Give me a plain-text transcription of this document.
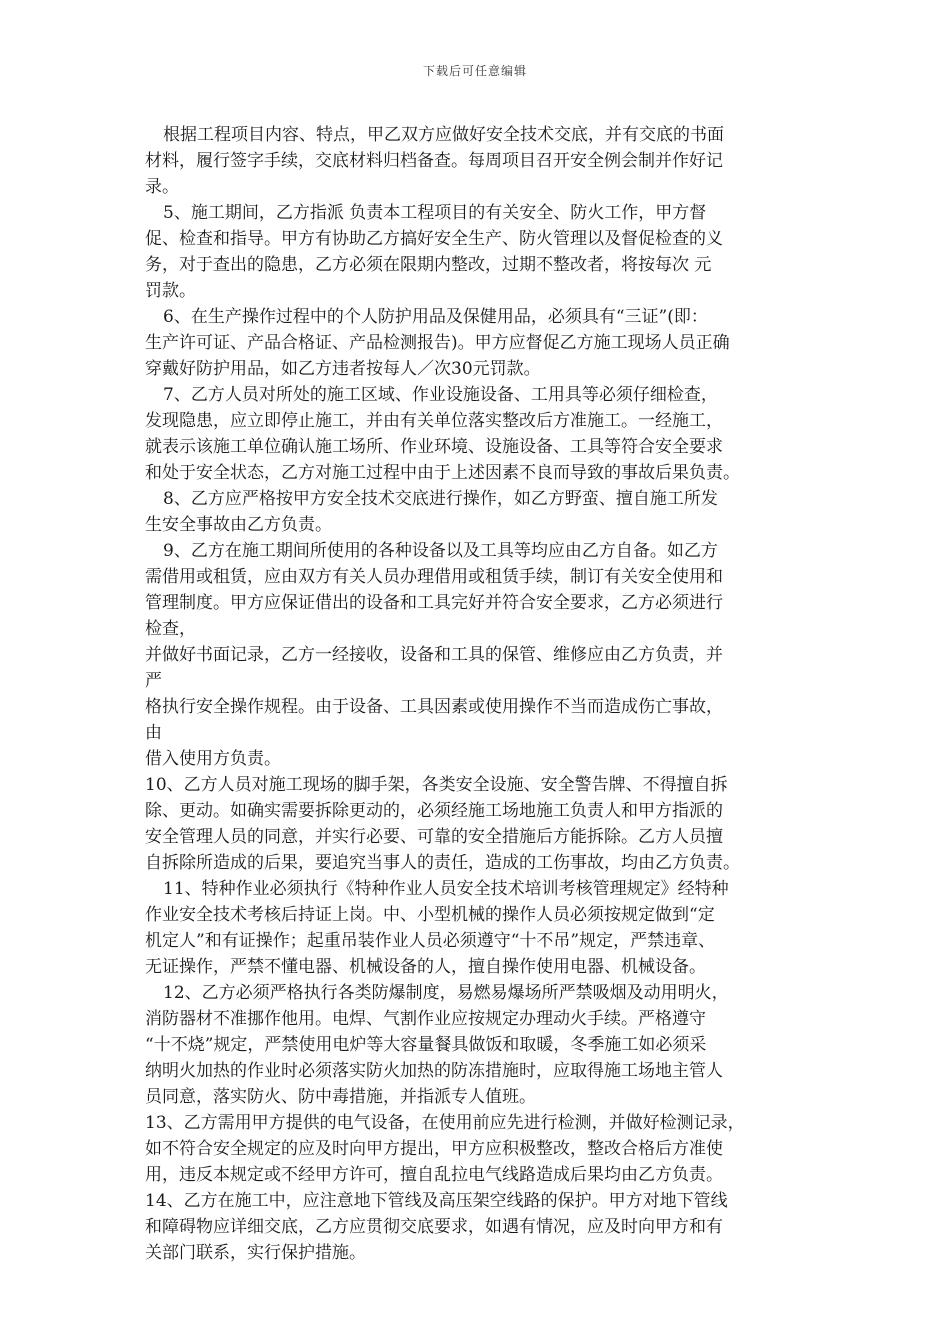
下载后可任意编辑
根据工程项目内容、特点，甲乙双方应做好安全技术交底，并有交底的书面
材料，履行签字手续，交底材料归档备查。每周项目召开安全例会制并作好记
录。
5、施工期间，乙方指派 负责本工程项目的有关安全、防火工作，甲方督
促、检查和指导。甲方有协助乙方搞好安全生产、防火管理以及督促检查的义
务，对于查出的隐患，乙方必须在限期内整改，过期不整改者，将按每次 元
罚款。
6、在生产操作过程中的个人防护用品及保健用品，必须具有“三证”(即：
生产许可证、产品合格证、产品检测报告)。甲方应督促乙方施工现场人员正确
穿戴好防护用品，如乙方违者按每人／次30元罚款。
7、乙方人员对所处的施工区域、作业设施设备、工用具等必须仔细检查，
发现隐患，应立即停止施工，并由有关单位落实整改后方准施工。一经施工，
就表示该施工单位确认施工场所、作业环境、设施设备、工具等符合安全要求
和处于安全状态，乙方对施工过程中由于上述因素不良而导致的事故后果负责。
8、乙方应严格按甲方安全技术交底进行操作，如乙方野蛮、擅自施工所发
生安全事故由乙方负责。
9、乙方在施工期间所使用的各种设备以及工具等均应由乙方自备。如乙方
需借用或租赁，应由双方有关人员办理借用或租赁手续，制订有关安全使用和
管理制度。甲方应保证借出的设备和工具完好并符合安全要求，乙方必须进行
检查，
并做好书面记录，乙方一经接收，设备和工具的保管、维修应由乙方负责，并
严
格执行安全操作规程。由于设备、工具因素或使用操作不当而造成伤亡事故，
由
借入使用方负责。
10、乙方人员对施工现场的脚手架，各类安全设施、安全警告牌、不得擅自拆
除、更动。如确实需要拆除更动的，必须经施工场地施工负责人和甲方指派的
安全管理人员的同意，并实行必要、可靠的安全措施后方能拆除。乙方人员擅
自拆除所造成的后果，要追究当事人的责任，造成的工伤事故，均由乙方负责。
11、特种作业必须执行《特种作业人员安全技术培训考核管理规定》经特种
作业安全技术考核后持证上岗。中、小型机械的操作人员必须按规定做到“定
机定人”和有证操作；起重吊装作业人员必须遵守“十不吊”规定，严禁违章、
无证操作，严禁不懂电器、机械设备的人，擅自操作使用电器、机械设备。
12、乙方必须严格执行各类防爆制度，易燃易爆场所严禁吸烟及动用明火，
消防器材不准挪作他用。电焊、气割作业应按规定办理动火手续。严格遵守
“十不烧”规定，严禁使用电炉等大容量餐具做饭和取暖，冬季施工如必须采
纳明火加热的作业时必须落实防火加热的防冻措施时，应取得施工场地主管人
员同意，落实防火、防中毒措施，并指派专人值班。
13、乙方需用甲方提供的电气设备，在使用前应先进行检测，并做好检测记录，
如不符合安全规定的应及时向甲方提出，甲方应积极整改，整改合格后方准使
用，违反本规定或不经甲方许可，擅自乱拉电气线路造成后果均由乙方负责。
14、乙方在施工中，应注意地下管线及高压架空线路的保护。甲方对地下管线
和障碍物应详细交底，乙方应贯彻交底要求，如遇有情况，应及时向甲方和有
关部门联系，实行保护措施。
